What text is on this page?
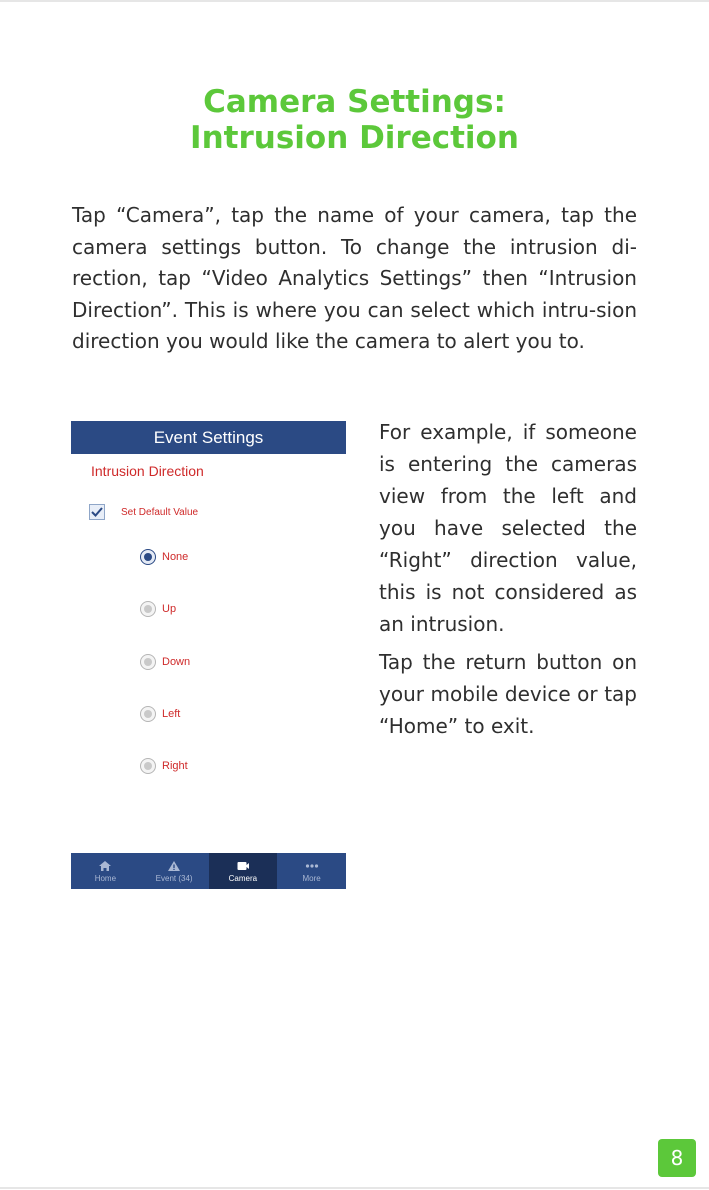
Camera Settings:
Intrusion Direction
Tap “Camera”, tap the name of your camera, tap the camera settings button. To change the intrusion di-rection, tap “Video Analytics Settings” then “Intrusion Direction”. This is where you can select which intru-sion direction you would like the camera to alert you to.
Event Settings
Intrusion Direction
Set Default Value
None
Up
Down
Left
Right
Home	Event (34)	Camera	More

For example, if someone is entering the cameras view from the left and you have selected the “Right” direction value, this is not considered as an intrusion.

Tap the return button on your mobile device or tap “Home” to exit.

8
